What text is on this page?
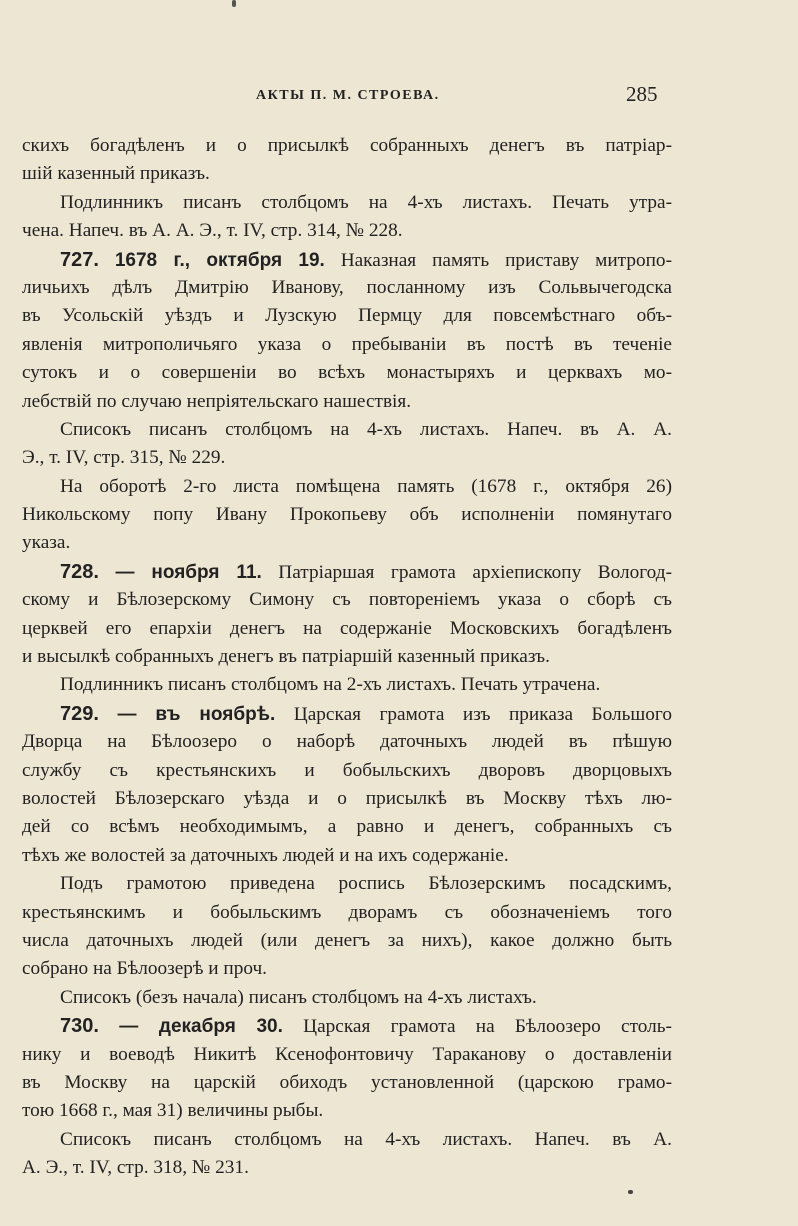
АКТЫ П. М. СТРОЕВА.	285
скихъ богадѣленъ и о присылкѣ собранныхъ денегъ въ патріар-
шій казенный приказъ.
Подлинникъ писанъ столбцомъ на 4-хъ листахъ. Печать утра-
чена. Напеч. въ А. А. Э., т. IV, стр. 314, № 228.
727. 1678 г., октября 19. Наказная память приставу митропо-
личьихъ дѣлъ Дмитрію Иванову, посланному изъ Сольвычегодска
въ Усольскій уѣздъ и Лузскую Пермцу для повсемѣстнаго объ-
явленія митрополичьяго указа о пребываніи въ постѣ въ теченіе
сутокъ и о совершеніи во всѣхъ монастыряхъ и церквахъ мо-
лебствій по случаю непріятельскаго нашествія.
Списокъ писанъ столбцомъ на 4-хъ листахъ. Напеч. въ А. А.
Э., т. IV, стр. 315, № 229.
На оборотѣ 2-го листа помѣщена память (1678 г., октября 26)
Никольскому попу Ивану Прокопьеву объ исполненіи помянутаго
указа.
728. — ноября 11. Патріаршая грамота архіепископу Вологод-
скому и Бѣлозерскому Симону съ повтореніемъ указа о сборѣ съ
церквей его епархіи денегъ на содержаніе Московскихъ богадѣленъ
и высылкѣ собранныхъ денегъ въ патріаршій казенный приказъ.
Подлинникъ писанъ столбцомъ на 2-хъ листахъ. Печать утрачена.
729. — въ ноябрѣ. Царская грамота изъ приказа Большого
Дворца на Бѣлоозеро о наборѣ даточныхъ людей въ пѣшую
службу съ крестьянскихъ и бобыльскихъ дворовъ дворцовыхъ
волостей Бѣлозерскаго уѣзда и о присылкѣ въ Москву тѣхъ лю-
дей со всѣмъ необходимымъ, а равно и денегъ, собранныхъ съ
тѣхъ же волостей за даточныхъ людей и на ихъ содержаніе.
Подъ грамотою приведена роспись Бѣлозерскимъ посадскимъ,
крестьянскимъ и бобыльскимъ дворамъ съ обозначеніемъ того
числа даточныхъ людей (или денегъ за нихъ), какое должно быть
собрано на Бѣлоозерѣ и проч.
Списокъ (безъ начала) писанъ столбцомъ на 4-хъ листахъ.
730. — декабря 30. Царская грамота на Бѣлоозеро столь-
нику и воеводѣ Никитѣ Ксенофонтовичу Тараканову о доставленіи
въ Москву на царскій обиходъ установленной (царскою грамо-
тою 1668 г., мая 31) величины рыбы.
Списокъ писанъ столбцомъ на 4-хъ листахъ. Напеч. въ А.
А. Э., т. IV, стр. 318, № 231.
